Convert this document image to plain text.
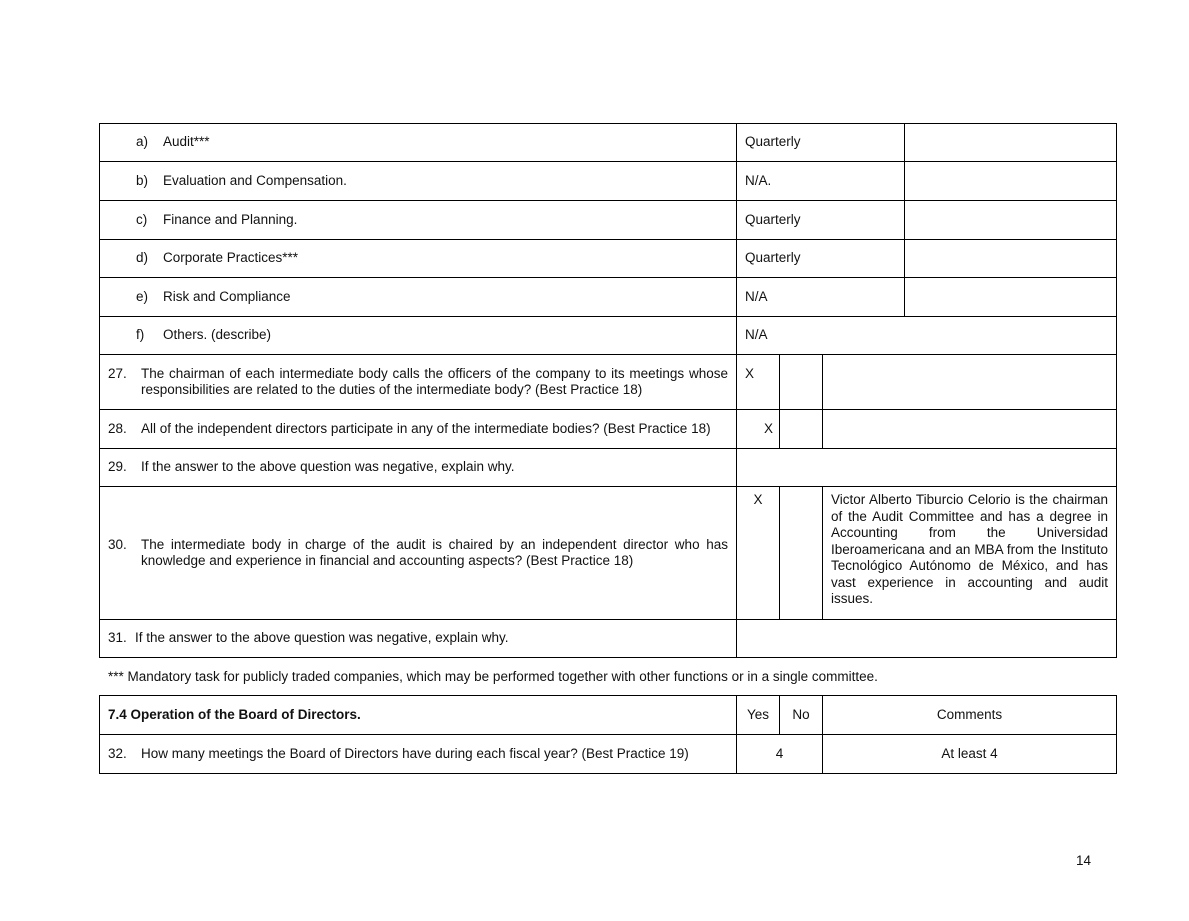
a) Audit***	Quarterly			

b) Evaluation and Compensation.	N/A.			

c) Finance and Planning.	Quarterly			

d) Corporate Practices***	Quarterly			

e) Risk and Compliance	N/A			

f) Others. (describe)	N/A			

27. The chairman of each intermediate body calls the officers of the company to its meetings whose responsibilities are related to the duties of the intermediate body? (Best Practice 18)	X			

28. All of the independent directors participate in any of the intermediate bodies? (Best Practice 18)	X			

29. If the answer to the above question was negative, explain why.				

30. The intermediate body in charge of the audit is chaired by an independent director who has knowledge and experience in financial and accounting aspects? (Best Practice 18)	X		Victor Alberto Tiburcio Celorio is the chairman of the Audit Committee and has a degree in Accounting from the Universidad Iberoamericana and an MBA from the Instituto Tecnológico Autónomo de México, and has vast experience in accounting and audit issues.	

31. If the answer to the above question was negative, explain why.				

*** Mandatory task for publicly traded companies, which may be performed together with other functions or in a single committee.
7.4 Operation of the Board of Directors.	Yes	No	Comments

32. How many meetings the Board of Directors have during each fiscal year? (Best Practice 19)	4		At least 4
14
